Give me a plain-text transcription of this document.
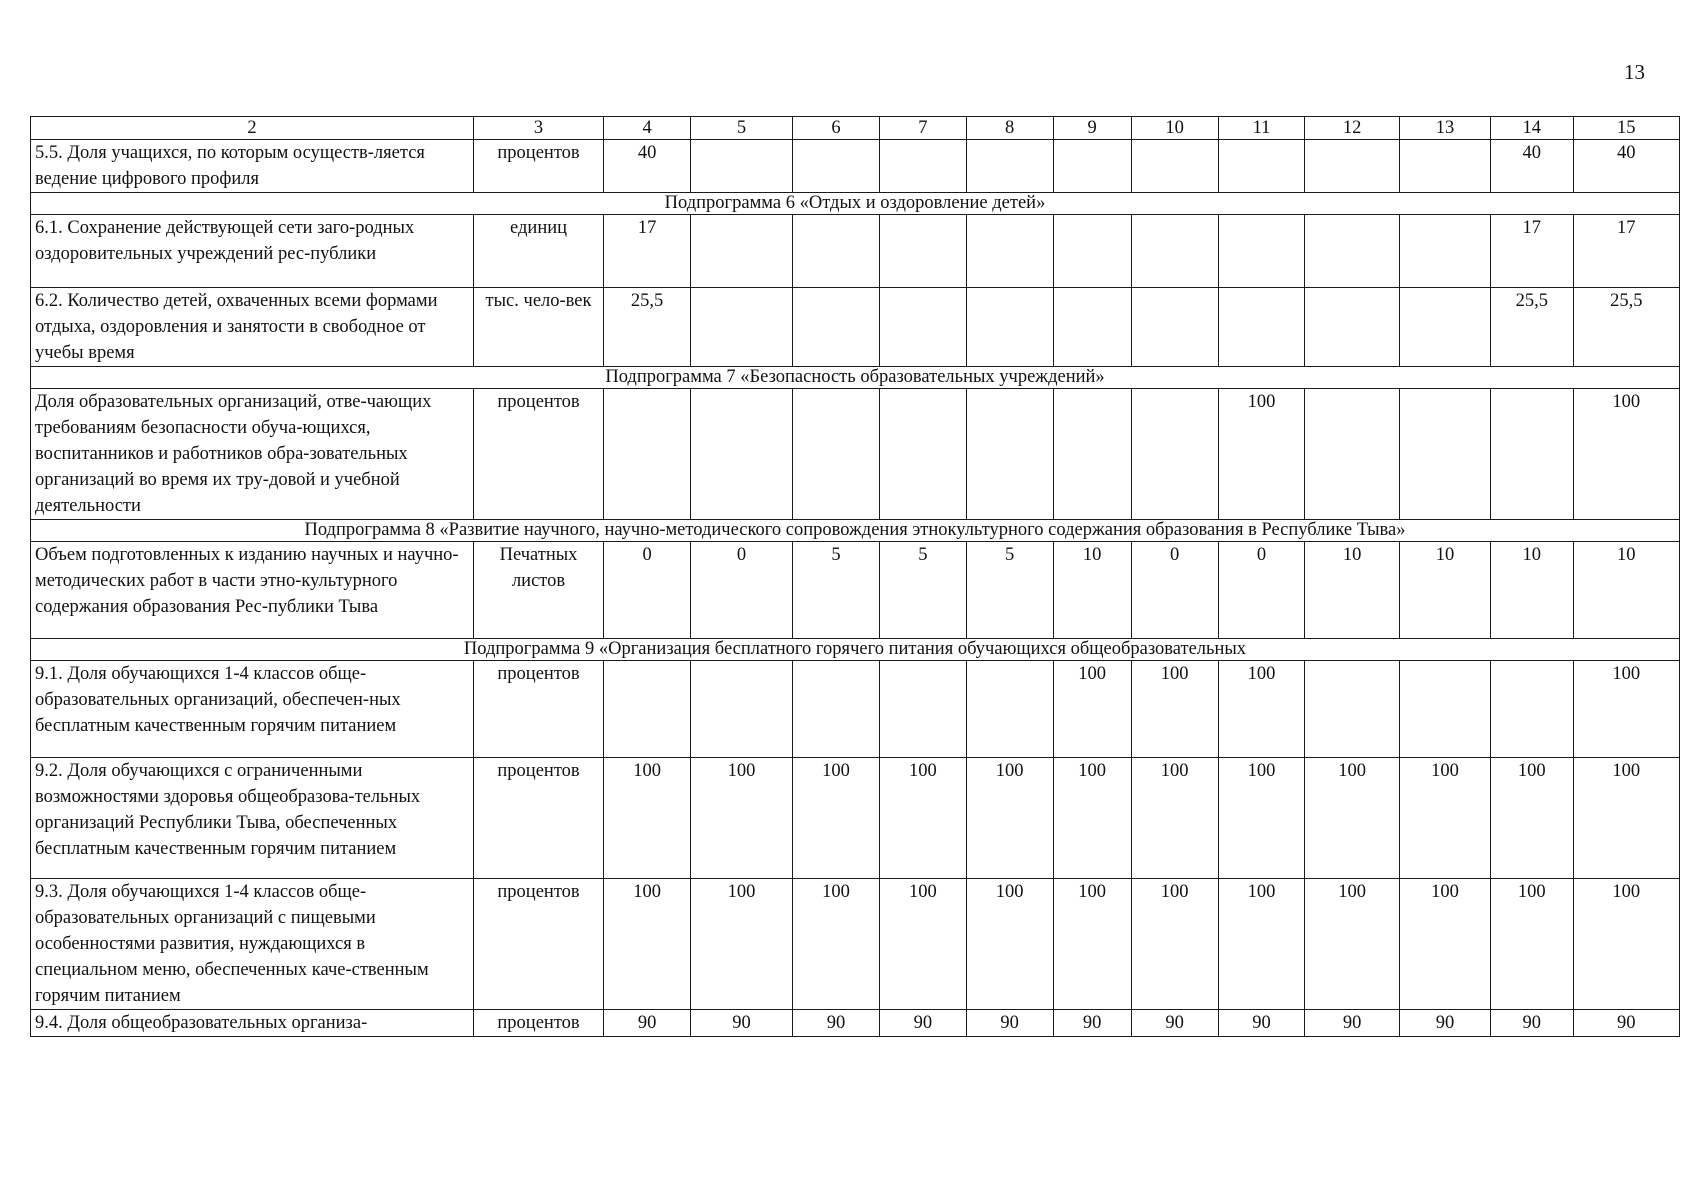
13
2	3	4	5	6	7	8	9	10	11	12	13	14	15
5.5. Доля учащихся, по которым осуществ-ляется ведение цифрового профиля	процентов	40										40	40
Подпрограмма 6 «Отдых и оздоровление детей»													
6.1. Сохранение действующей сети заго-родных оздоровительных учреждений рес-публики	единиц	17										17	17
6.2. Количество детей, охваченных всеми формами отдыха, оздоровления и занятости в свободное от учебы время	тыс. чело-век	25,5										25,5	25,5
Подпрограмма 7 «Безопасность образовательных учреждений»													
Доля образовательных организаций, отве-чающих требованиям безопасности обуча-ющихся, воспитанников и работников обра-зовательных организаций во время их тру-довой и учебной деятельности	процентов								100				100
Подпрограмма 8 «Развитие научного, научно-методического сопровождения этнокультурного содержания образования в Республике Тыва»													
Объем подготовленных к изданию научных и научно-методических работ в части этно-культурного содержания образования Рес-публики Тыва	Печатных листов	0	0	5	5	5	10	0	0	10	10	10	10
Подпрограмма 9 «Организация бесплатного горячего питания обучающихся общеобразовательных													
9.1. Доля обучающихся 1-4 классов обще-образовательных организаций, обеспечен-ных бесплатным качественным горячим питанием	процентов						100	100	100				100
9.2. Доля обучающихся с ограниченными возможностями здоровья общеобразова-тельных организаций Республики Тыва, обеспеченных бесплатным качественным горячим питанием	процентов	100	100	100	100	100	100	100	100	100	100	100	100
9.3. Доля обучающихся 1-4 классов обще-образовательных организаций с пищевыми особенностями развития, нуждающихся в специальном меню, обеспеченных каче-ственным горячим питанием	процентов	100	100	100	100	100	100	100	100	100	100	100	100
9.4. Доля общеобразовательных организа-	процентов	90	90	90	90	90	90	90	90	90	90	90	90
